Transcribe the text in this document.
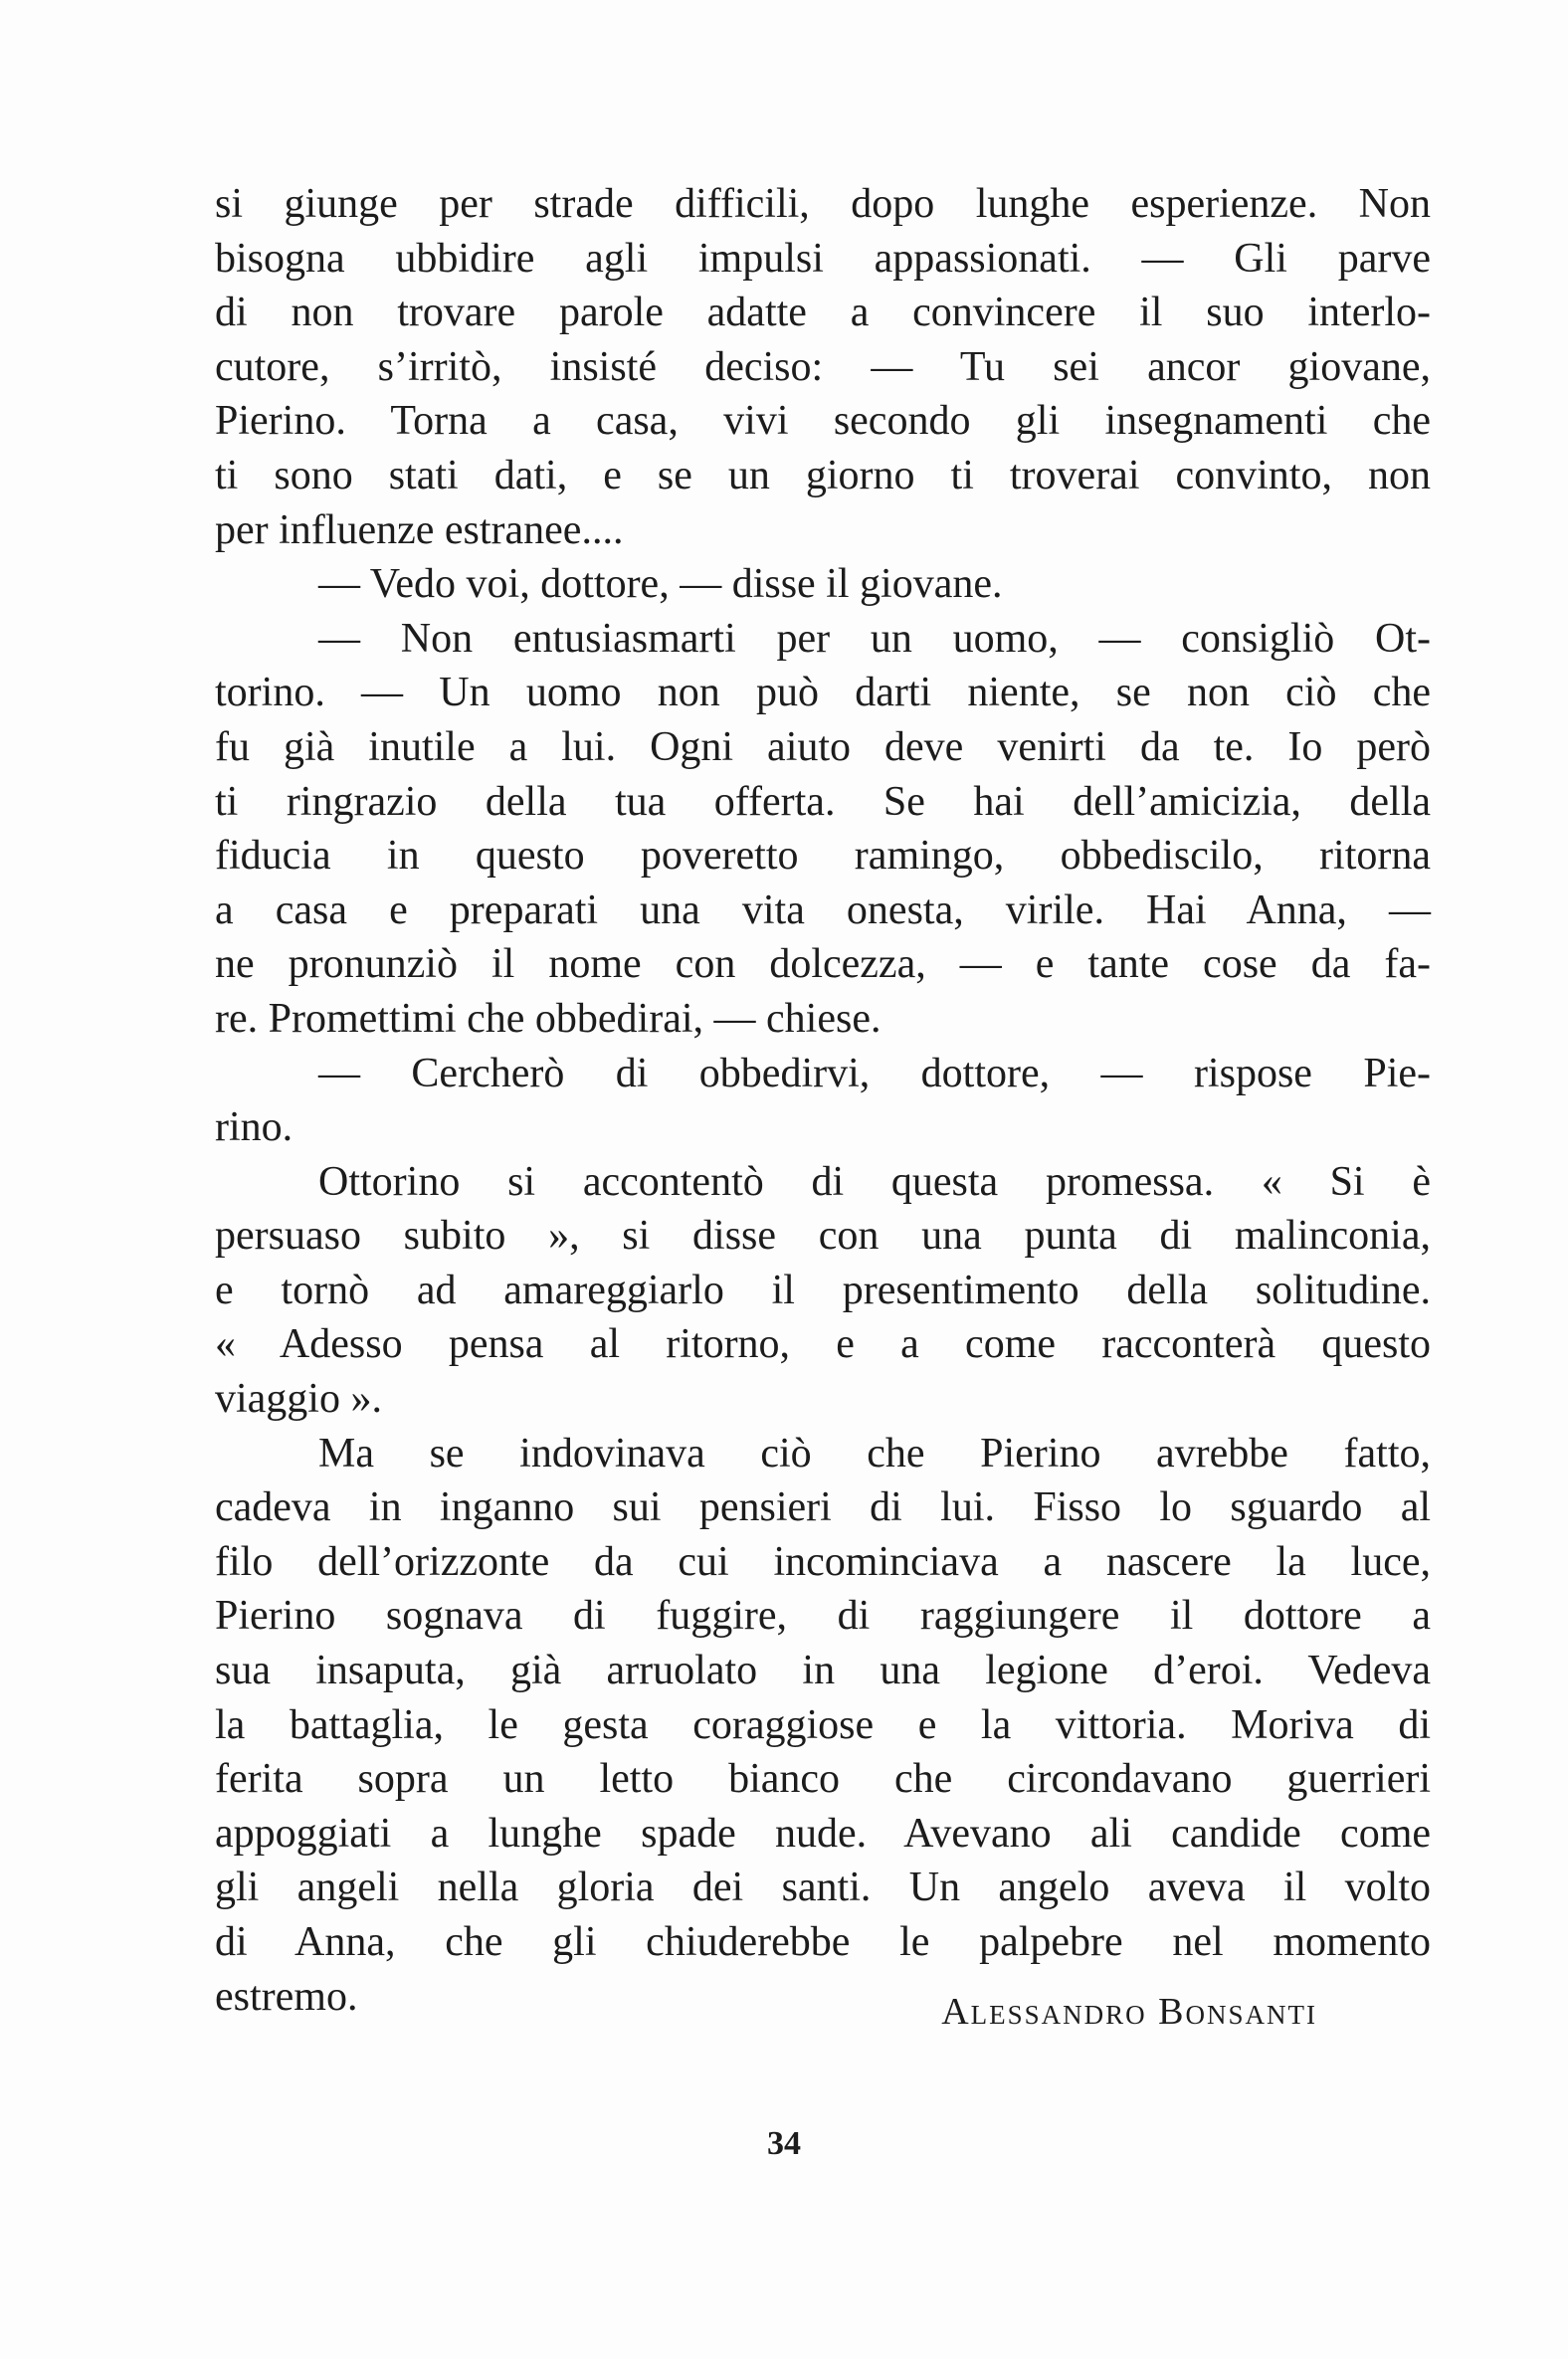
si giunge per strade difficili, dopo lunghe esperienze. Non
bisogna ubbidire agli impulsi appassionati. — Gli parve
di non trovare parole adatte a convincere il suo interlo-
cutore, s’irritò, insisté deciso: — Tu sei ancor giovane,
Pierino. Torna a casa, vivi secondo gli insegnamenti che
ti sono stati dati, e se un giorno ti troverai convinto, non
per influenze estranee....
— Vedo voi, dottore, — disse il giovane.
— Non entusiasmarti per un uomo, — consigliò Ot-
torino. — Un uomo non può darti niente, se non ciò che
fu già inutile a lui. Ogni aiuto deve venirti da te. Io però
ti ringrazio della tua offerta. Se hai dell’amicizia, della
fiducia in questo poveretto ramingo, obbediscilo, ritorna
a casa e preparati una vita onesta, virile. Hai Anna, —
ne pronunziò il nome con dolcezza, — e tante cose da fa-
re. Promettimi che obbedirai, — chiese.
— Cercherò di obbedirvi, dottore, — rispose Pie-
rino.
Ottorino si accontentò di questa promessa. « Si è
persuaso subito », si disse con una punta di malinconia,
e tornò ad amareggiarlo il presentimento della solitudine.
« Adesso pensa al ritorno, e a come racconterà questo
viaggio ».
Ma se indovinava ciò che Pierino avrebbe fatto,
cadeva in inganno sui pensieri di lui. Fisso lo sguardo al
filo dell’orizzonte da cui incominciava a nascere la luce,
Pierino sognava di fuggire, di raggiungere il dottore a
sua insaputa, già arruolato in una legione d’eroi. Vedeva
la battaglia, le gesta coraggiose e la vittoria. Moriva di
ferita sopra un letto bianco che circondavano guerrieri
appoggiati a lunghe spade nude. Avevano ali candide come
gli angeli nella gloria dei santi. Un angelo aveva il volto
di Anna, che gli chiuderebbe le palpebre nel momento
estremo.	Alessandro Bonsanti
34
